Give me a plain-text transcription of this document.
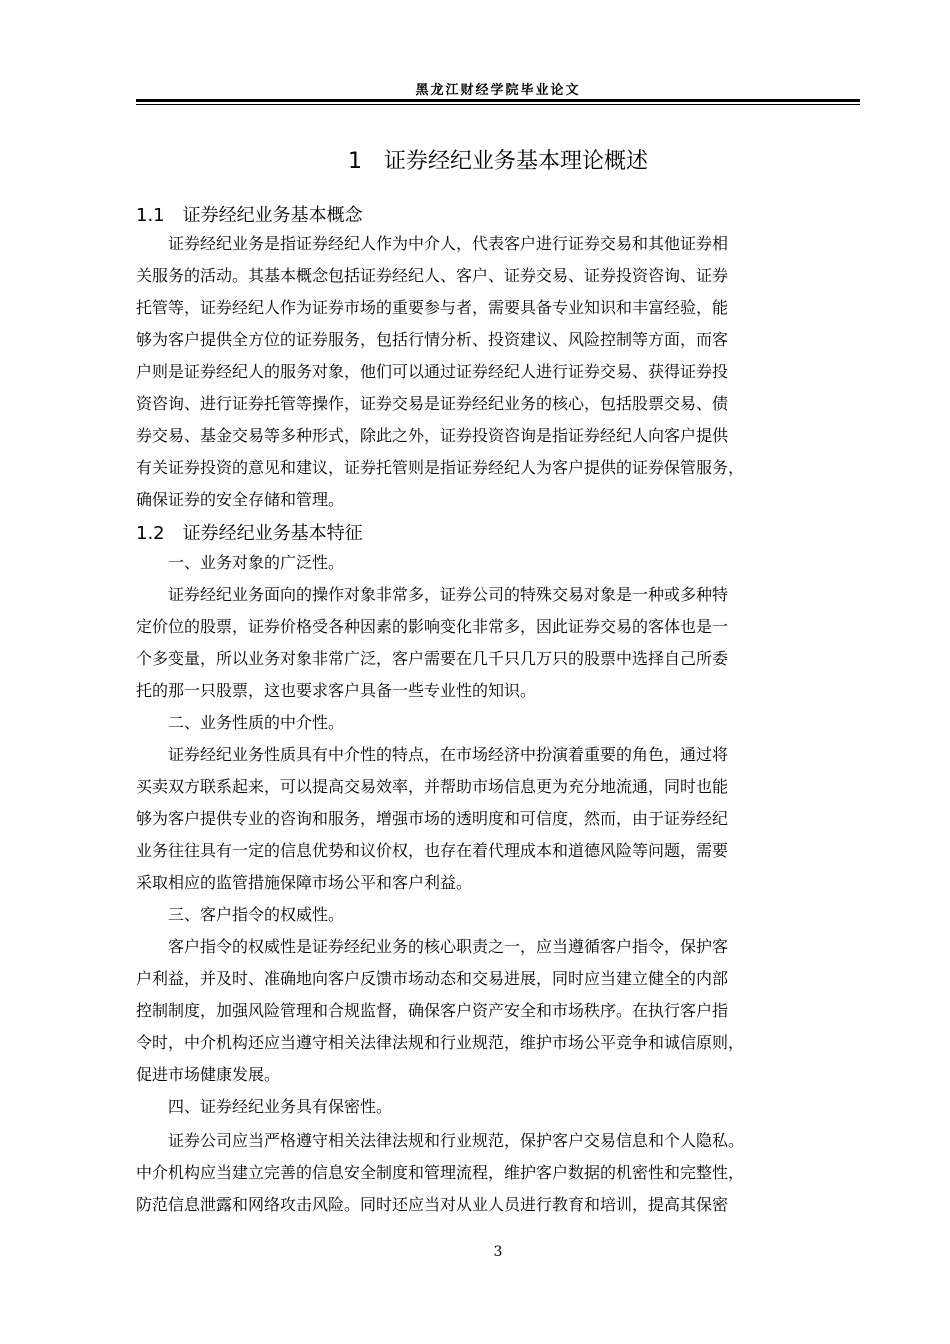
黑龙江财经学院毕业论文
1　证券经纪业务基本理论概述
1.1　证券经纪业务基本概念
　　证券经纪业务是指证券经纪人作为中介人，代表客户进行证券交易和其他证券相
关服务的活动。其基本概念包括证券经纪人、客户、证券交易、证券投资咨询、证券
托管等，证券经纪人作为证券市场的重要参与者，需要具备专业知识和丰富经验，能
够为客户提供全方位的证券服务，包括行情分析、投资建议、风险控制等方面，而客
户则是证券经纪人的服务对象，他们可以通过证券经纪人进行证券交易、获得证券投
资咨询、进行证券托管等操作，证券交易是证券经纪业务的核心，包括股票交易、债
券交易、基金交易等多种形式，除此之外，证券投资咨询是指证券经纪人向客户提供
有关证券投资的意见和建议，证券托管则是指证券经纪人为客户提供的证券保管服务，
确保证券的安全存储和管理。
1.2　证券经纪业务基本特征
　　一、业务对象的广泛性。
　　证券经纪业务面向的操作对象非常多，证券公司的特殊交易对象是一种或多种特
定价位的股票，证券价格受各种因素的影响变化非常多，因此证券交易的客体也是一
个多变量，所以业务对象非常广泛，客户需要在几千只几万只的股票中选择自己所委
托的那一只股票，这也要求客户具备一些专业性的知识。
　　二、业务性质的中介性。
　　证券经纪业务性质具有中介性的特点，在市场经济中扮演着重要的角色，通过将
买卖双方联系起来，可以提高交易效率，并帮助市场信息更为充分地流通，同时也能
够为客户提供专业的咨询和服务，增强市场的透明度和可信度，然而，由于证券经纪
业务往往具有一定的信息优势和议价权，也存在着代理成本和道德风险等问题，需要
采取相应的监管措施保障市场公平和客户利益。
　　三、客户指令的权威性。
　　客户指令的权威性是证券经纪业务的核心职责之一，应当遵循客户指令，保护客
户利益，并及时、准确地向客户反馈市场动态和交易进展，同时应当建立健全的内部
控制制度，加强风险管理和合规监督，确保客户资产安全和市场秩序。在执行客户指
令时，中介机构还应当遵守相关法律法规和行业规范，维护市场公平竞争和诚信原则，
促进市场健康发展。
　　四、证券经纪业务具有保密性。
　　证券公司应当严格遵守相关法律法规和行业规范，保护客户交易信息和个人隐私。
中介机构应当建立完善的信息安全制度和管理流程，维护客户数据的机密性和完整性，
防范信息泄露和网络攻击风险。同时还应当对从业人员进行教育和培训，提高其保密
3
